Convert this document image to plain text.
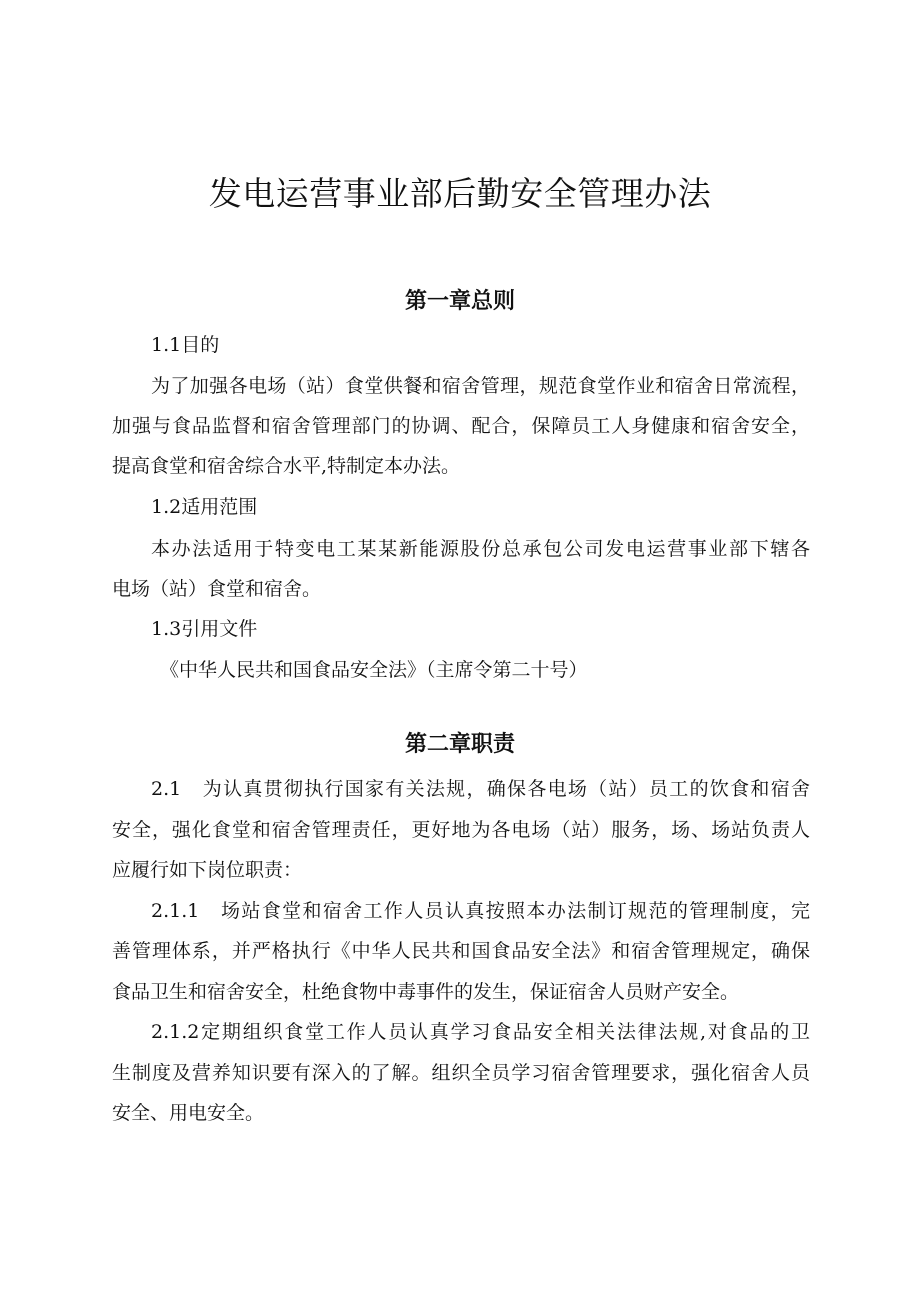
发电运营事业部后勤安全管理办法
第一章总则
1.1目的
为了加强各电场（站）食堂供餐和宿舍管理，规范食堂作业和宿舍日常流程，
加强与食品监督和宿舍管理部门的协调、配合，保障员工人身健康和宿舍安全，
提高食堂和宿舍综合水平,特制定本办法。
1.2适用范围
本办法适用于特变电工某某新能源股份总承包公司发电运营事业部下辖各
电场（站）食堂和宿舍。
1.3引用文件
《中华人民共和国食品安全法》（主席令第二十号）
第二章职责
2.1　为认真贯彻执行国家有关法规，确保各电场（站）员工的饮食和宿舍
安全，强化食堂和宿舍管理责任，更好地为各电场（站）服务，场、场站负责人
应履行如下岗位职责：
2.1.1　场站食堂和宿舍工作人员认真按照本办法制订规范的管理制度，完
善管理体系，并严格执行《中华人民共和国食品安全法》和宿舍管理规定，确保
食品卫生和宿舍安全，杜绝食物中毒事件的发生，保证宿舍人员财产安全。
2.1.2定期组织食堂工作人员认真学习食品安全相关法律法规,对食品的卫
生制度及营养知识要有深入的了解。组织全员学习宿舍管理要求，强化宿舍人员
安全、用电安全。
